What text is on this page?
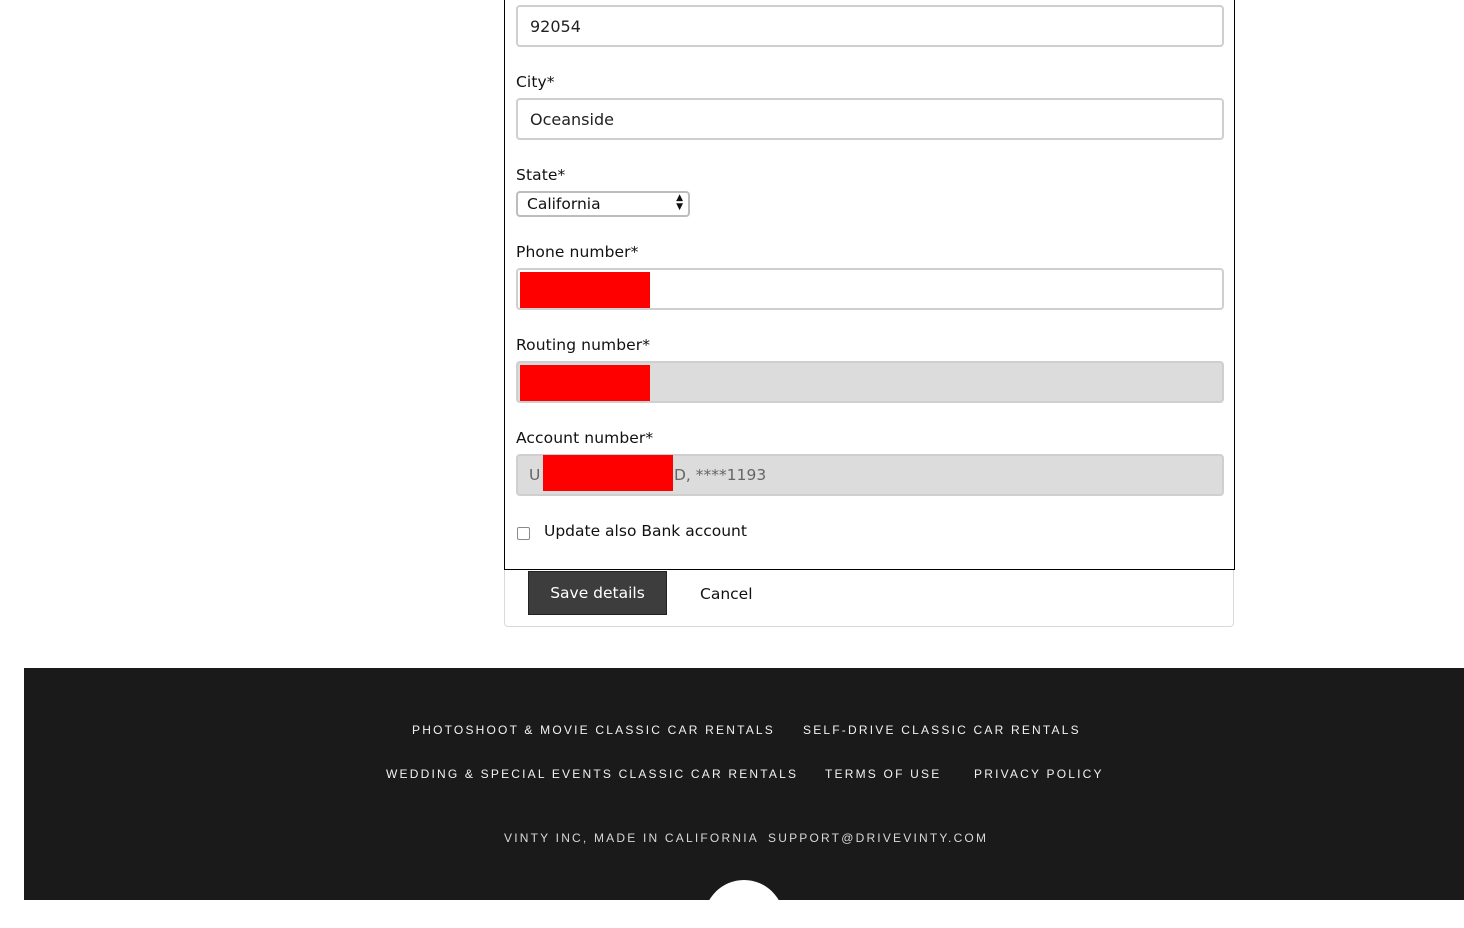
92054
City*
Oceanside
State*
California	▲
▼
Phone number*
Routing number*
Account number*
U	D, ****1193
Update also Bank account
Save details	Cancel
PHOTOSHOOT & MOVIE CLASSIC CAR RENTALS SELF-DRIVE CLASSIC CAR RENTALS
WEDDING & SPECIAL EVENTS CLASSIC CAR RENTALS TERMS OF USE	PRIVACY POLICY
VINTY INC, MADE IN CALIFORNIA SUPPORT@DRIVEVINTY.COM
